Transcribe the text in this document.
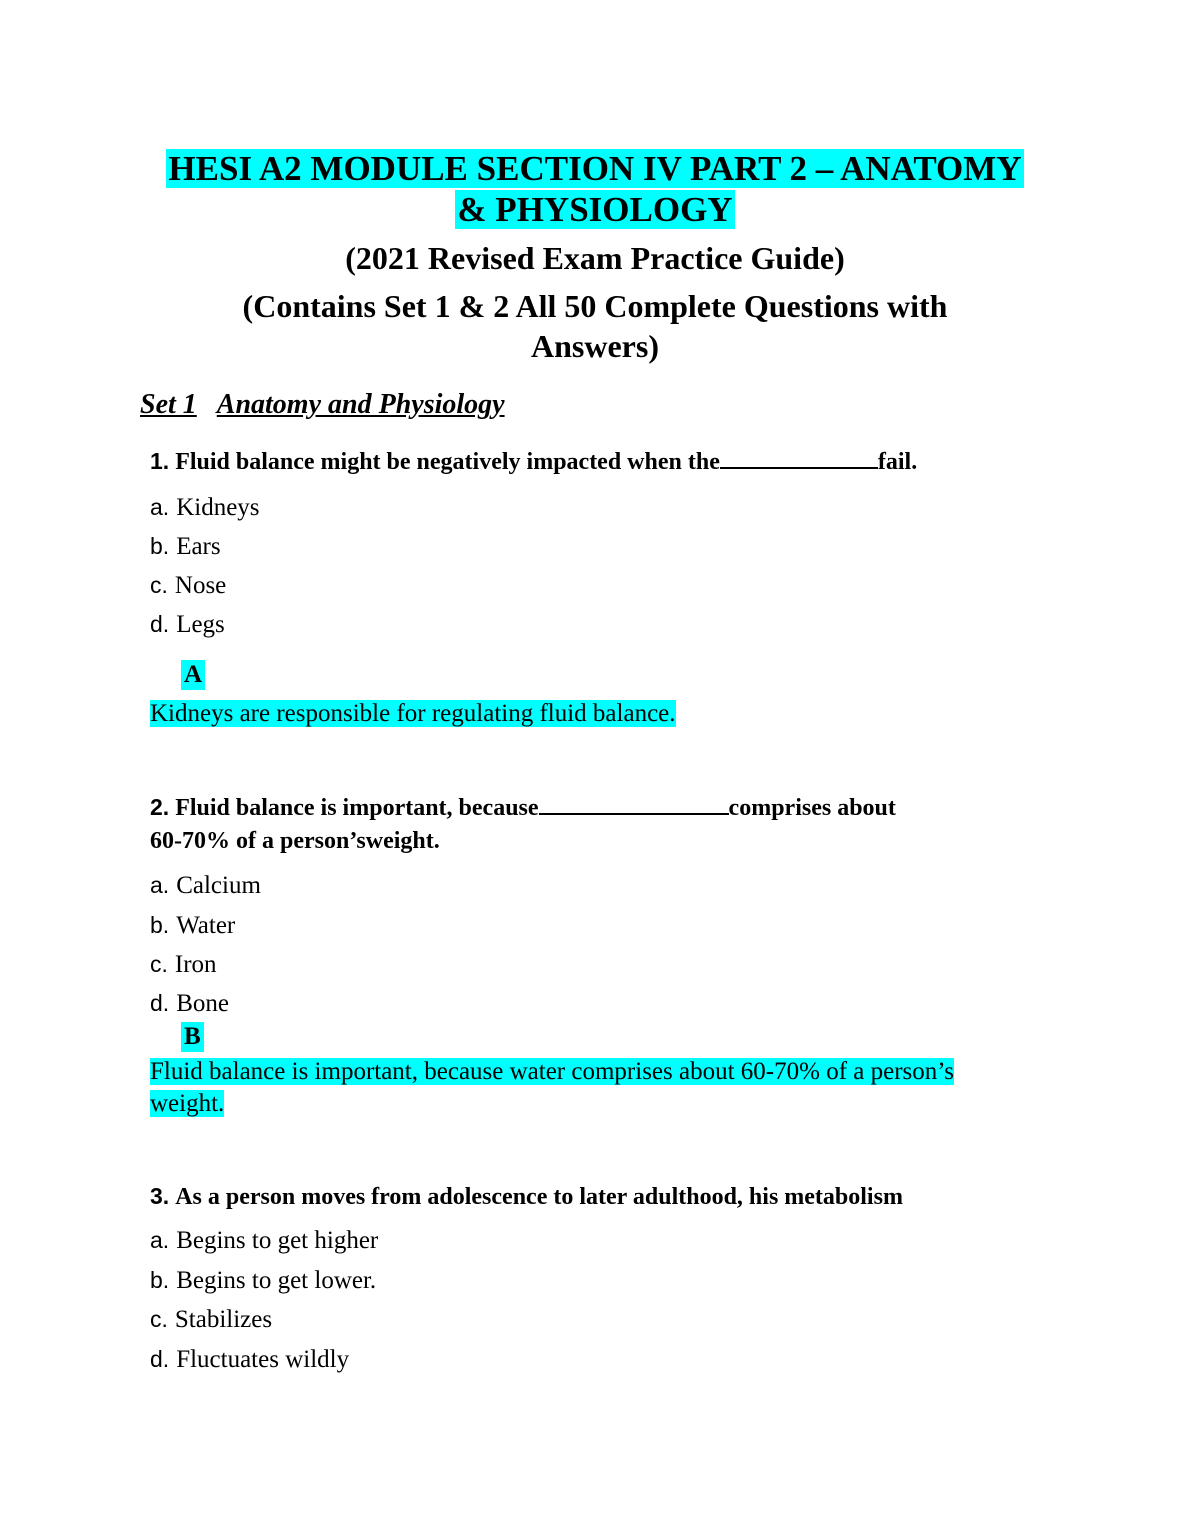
HESI A2 MODULE SECTION IV PART 2 – ANATOMY
& PHYSIOLOGY
(2021 Revised Exam Practice Guide)
(Contains Set 1 & 2 All 50 Complete Questions with
Answers)
Set 1 Anatomy and Physiology
1. Fluid balance might be negatively impacted when the	fail.
a. Kidneys
b. Ears
c. Nose
d. Legs
A
Kidneys are responsible for regulating fluid balance.
2. Fluid balance is important, because	comprises about
60-70% of a person’sweight.
a. Calcium
b. Water
c. Iron
d. Bone
B
Fluid balance is important, because water comprises about 60-70% of a person’s
weight.
3. As a person moves from adolescence to later adulthood, his metabolism
a. Begins to get higher
b. Begins to get lower.
c. Stabilizes
d. Fluctuates wildly
